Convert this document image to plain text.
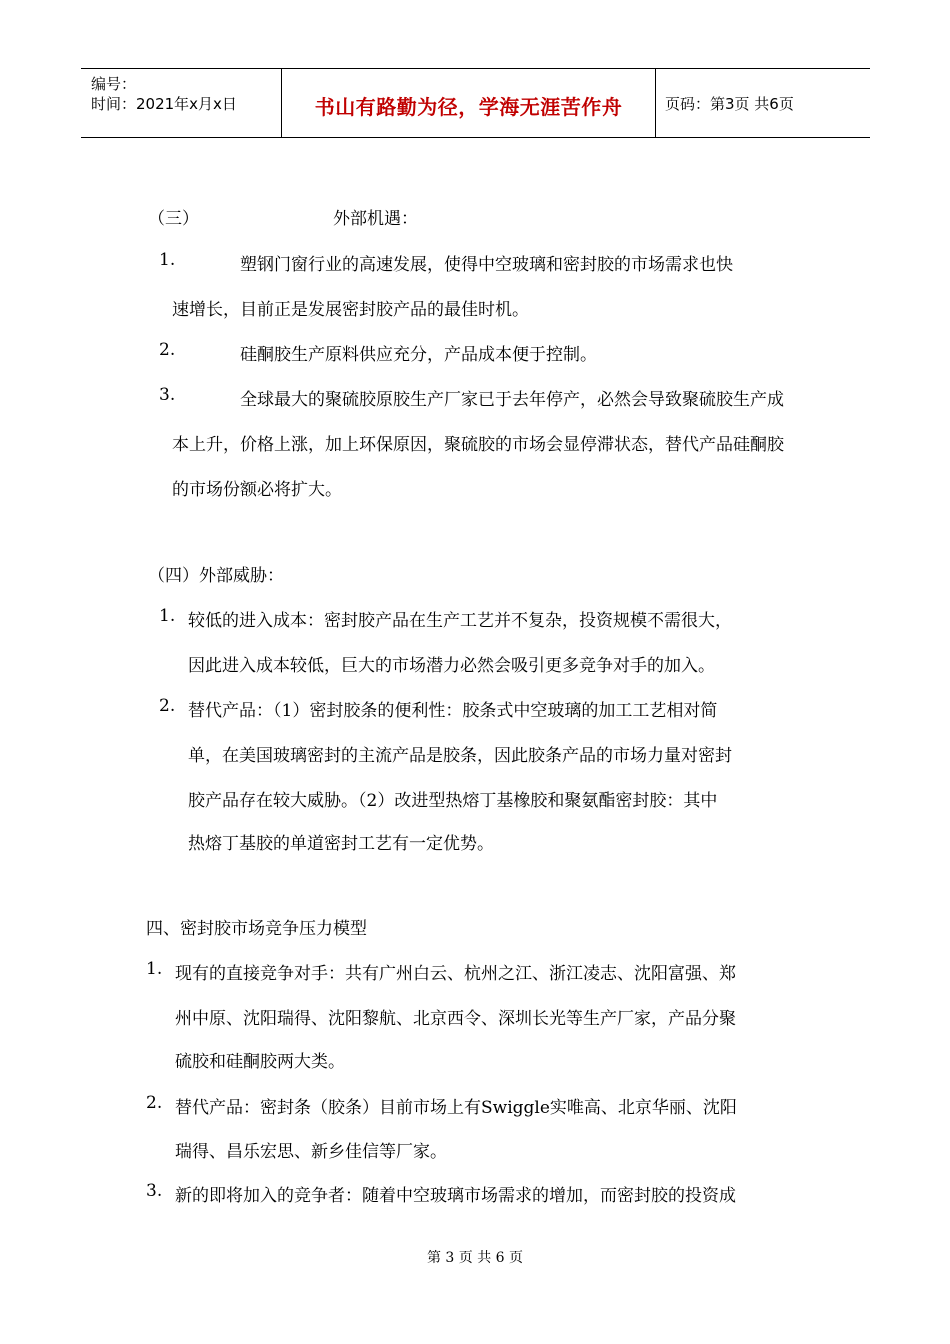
编号：
时间：2021年x月x日	书山有路勤为径，学海无涯苦作舟	页码：第3页 共6页
（三）	外部机遇：
1.	塑钢门窗行业的高速发展，使得中空玻璃和密封胶的市场需求也快
速增长，目前正是发展密封胶产品的最佳时机。
2.	硅酮胶生产原料供应充分，产品成本便于控制。
3.	全球最大的聚硫胶原胶生产厂家已于去年停产，必然会导致聚硫胶生产成
本上升，价格上涨，加上环保原因，聚硫胶的市场会显停滞状态，替代产品硅酮胶
的市场份额必将扩大。
（四）外部威胁：
1. 较低的进入成本：密封胶产品在生产工艺并不复杂，投资规模不需很大，
因此进入成本较低，巨大的市场潜力必然会吸引更多竞争对手的加入。
2. 替代产品：（1）密封胶条的便利性：胶条式中空玻璃的加工工艺相对简
单，在美国玻璃密封的主流产品是胶条，因此胶条产品的市场力量对密封
胶产品存在较大威胁。（2）改进型热熔丁基橡胶和聚氨酯密封胶：其中
热熔丁基胶的单道密封工艺有一定优势。
四、密封胶市场竞争压力模型
1. 现有的直接竞争对手：共有广州白云、杭州之江、浙江凌志、沈阳富强、郑
州中原、沈阳瑞得、沈阳黎航、北京西令、深圳长光等生产厂家，产品分聚
硫胶和硅酮胶两大类。
2. 替代产品：密封条（胶条）目前市场上有Swiggle实唯高、北京华丽、沈阳
瑞得、昌乐宏思、新乡佳信等厂家。
3. 新的即将加入的竞争者：随着中空玻璃市场需求的增加，而密封胶的投资成
第 3 页 共 6 页
